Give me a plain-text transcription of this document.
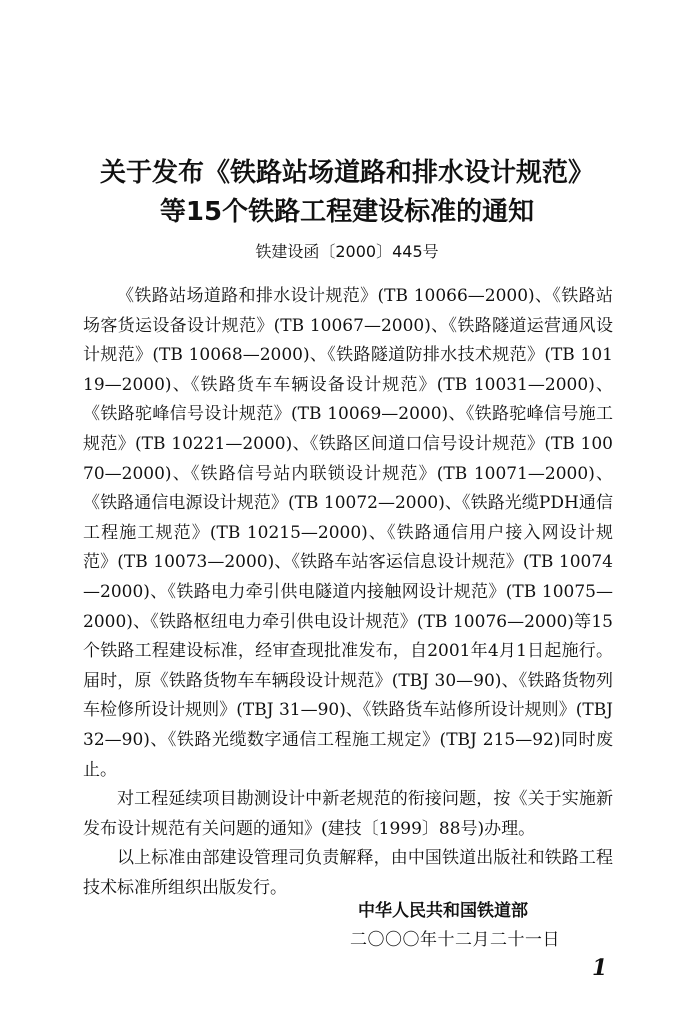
关于发布《铁路站场道路和排水设计规范》
等15个铁路工程建设标准的通知

铁建设函〔2000〕445号

《铁路站场道路和排水设计规范》(TB 10066—2000)、《铁路站场客货运设备设计规范》(TB 10067—2000)、《铁路隧道运营通风设计规范》(TB 10068—2000)、《铁路隧道防排水技术规范》(TB 10119—2000)、《铁路货车车辆设备设计规范》(TB 10031—2000)、《铁路驼峰信号设计规范》(TB 10069—2000)、《铁路驼峰信号施工规范》(TB 10221—2000)、《铁路区间道口信号设计规范》(TB 10070—2000)、《铁路信号站内联锁设计规范》(TB 10071—2000)、《铁路通信电源设计规范》(TB 10072—2000)、《铁路光缆PDH通信工程施工规范》(TB 10215—2000)、《铁路通信用户接入网设计规范》(TB 10073—2000)、《铁路车站客运信息设计规范》(TB 10074—2000)、《铁路电力牵引供电隧道内接触网设计规范》(TB 10075—2000)、《铁路枢纽电力牵引供电设计规范》(TB 10076—2000)等15个铁路工程建设标准，经审查现批准发布，自2001年4月1日起施行。届时，原《铁路货物车车辆段设计规范》(TBJ 30—90)、《铁路货物列车检修所设计规则》(TBJ 31—90)、《铁路货车站修所设计规则》(TBJ 32—90)、《铁路光缆数字通信工程施工规定》(TBJ 215—92)同时废止。

对工程延续项目勘测设计中新老规范的衔接问题，按《关于实施新发布设计规范有关问题的通知》(建技〔1999〕88号)办理。

以上标准由部建设管理司负责解释，由中国铁道出版社和铁路工程技术标准所组织出版发行。

中华人民共和国铁道部

二〇〇〇年十二月二十一日

1
